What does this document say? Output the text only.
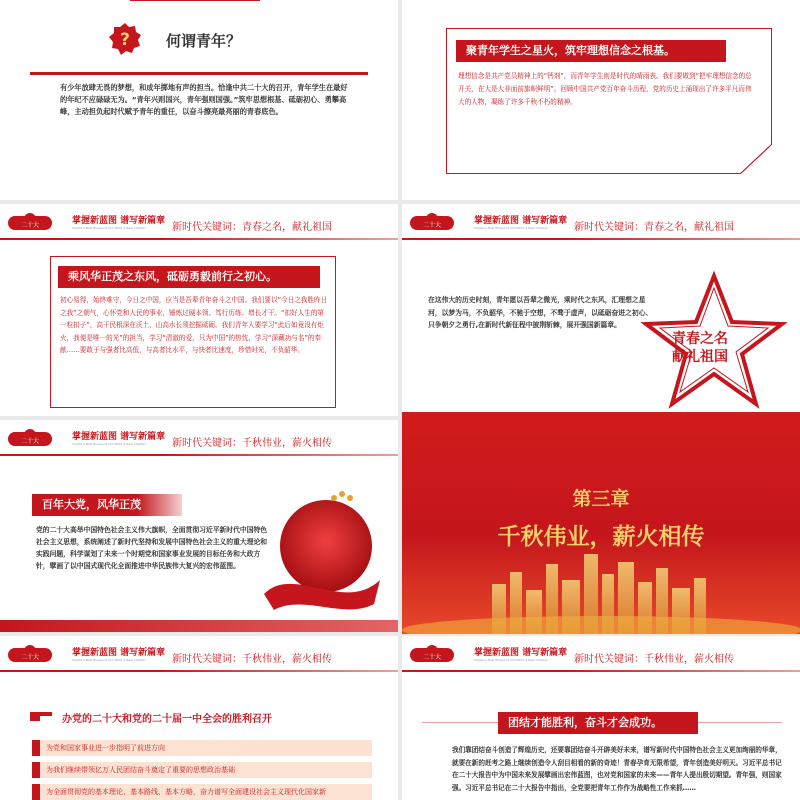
? 何谓青年？
有少年放肆无畏的梦想，和成年掷地有声的担当。恰逢中共二十大的召开，青年学生在最好的年纪不应碌碌无为。“青年兴则国兴，青年强则国强。”筑牢思想根基、砥砺初心、勇攀高峰，主动担负起时代赋予青年的重任，以奋斗擦亮最亮丽的青春底色。
聚青年学生之星火，筑牢理想信念之根基。
理想信念是共产党员精神上的“钙剂”，而青年学生则是时代的晴雨表。我们要做到“把牢理想信念的总开关，在大是大非面前旗帜鲜明”。回顾中国共产党百年奋斗历程，党的历史上涌现出了许多平凡而伟大的人物，凝练了许多千秋不朽的精神。
二十大	掌握新蓝图 谱写新篇章
Create a New Blueprint and Write a New Chapter	新时代关键词：青春之名，献礼祖国
乘风华正茂之东风，砥砺勇毅前行之初心。
初心易得，始终难守，今日之中国，应当是吾辈青年奋斗之中国。我们要以“今日之我胜昨日之我”之朝气，心怀党和人民的事业，锤炼过硬本领、笃行历练、增长才干。“扣好人生的第一粒扣子”，高干民根深在沃土，山高水长须挖掘砥砺。我们青年人要学习“此后如竟没有炬火，我便是唯一的光”的担当，学习“清澈的爱，只为中国”的热忱，学习“深藏功与名”的奉献……要敢于与强者比高低，与高者比水平，与快者比速度，珍惜时光，不负韶华。
二十大	掌握新蓝图 谱写新篇章
Create a New Blueprint and Write a New Chapter	新时代关键词：青春之名，献礼祖国
在这伟大的历史时刻，青年愿以吾辈之微光，乘时代之东风，汇理想之星河，以梦为马，不负韶华，不驰于空想，不骛于虚声，以砥砺奋进之初心、只争朝夕之勇行,在新时代新征程中披荆斩棘，展开强国新篇章。
青春之名
献礼祖国
二十大	掌握新蓝图 谱写新篇章
Create a New Blueprint and Write a New Chapter	新时代关键词：千秋伟业，薪火相传
百年大党，风华正茂
党的二十大高举中国特色社会主义伟大旗帜，全面贯彻习近平新时代中国特色社会主义思想，系统阐述了新时代坚持和发展中国特色社会主义的重大理论和实践问题，科学谋划了未来一个时期党和国家事业发展的目标任务和大政方针，擘画了以中国式现代化全面推进中华民族伟大复兴的宏伟蓝图。
第三章
千秋伟业，薪火相传
二十大	掌握新蓝图 谱写新篇章
Create a New Blueprint and Write a New Chapter	新时代关键词：千秋伟业，薪火相传
办党的二十大和党的二十届一中全会的胜利召开
为党和国家事业进一步指明了前进方向
为我们继续带领亿万人民团结奋斗奠定了重要的思想政治基础
为全面贯彻党的基本理论、基本路线、基本方略，奋力谱写全面建设社会主义现代化国家新
二十大	掌握新蓝图 谱写新篇章
Create a New Blueprint and Write a New Chapter	新时代关键词：千秋伟业，薪火相传
团结才能胜利，奋斗才会成功。
我们靠团结奋斗创造了辉煌历史，还要靠团结奋斗开辟美好未来，谱写新时代中国特色社会主义更加绚丽的华章，就要在新的赶考之路上继续创造令人刮目相看的新的奇迹！青春孕育无限希望，青年创造美好明天。习近平总书记在二十大报告中为中国未来发展擘画出宏伟蓝图，也对党和国家的未来——青年人提出殷切期望。青年强，则国家强。习近平总书记在二十大报告中指出，全党要把青年工作作为战略性工作来抓……
